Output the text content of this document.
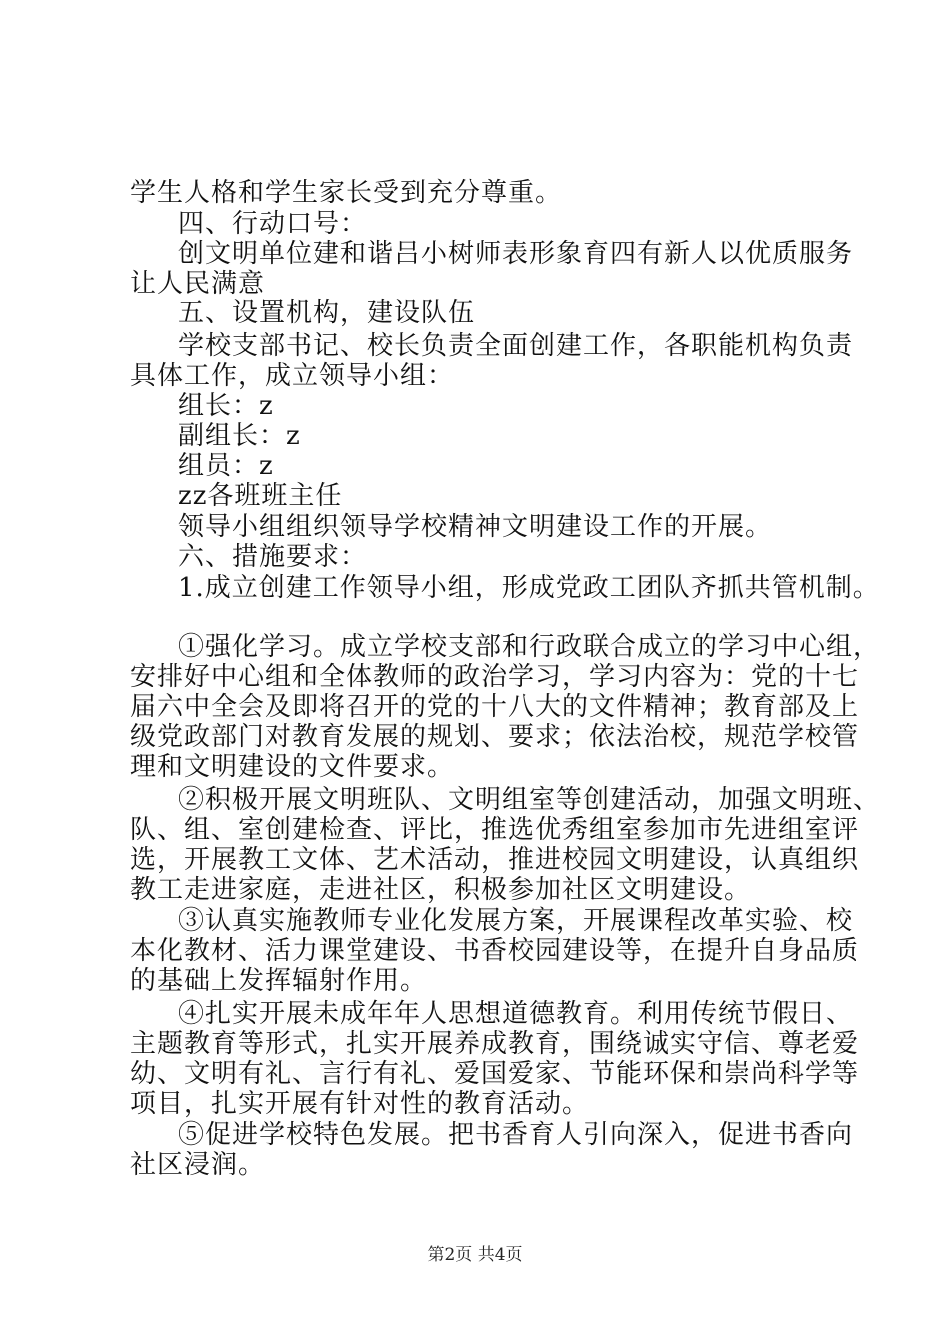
学生人格和学生家长受到充分尊重。
四、行动口号：
创文明单位建和谐吕小树师表形象育四有新人以优质服务
让人民满意
五、设置机构，建设队伍
学校支部书记、校长负责全面创建工作，各职能机构负责
具体工作，成立领导小组：
组长：z
副组长：z
组员：z
zz各班班主任
领导小组组织领导学校精神文明建设工作的开展。
六、措施要求：
1.成立创建工作领导小组，形成党政工团队齐抓共管机制。
①强化学习。成立学校支部和行政联合成立的学习中心组，
安排好中心组和全体教师的政治学习，学习内容为：党的十七
届六中全会及即将召开的党的十八大的文件精神；教育部及上
级党政部门对教育发展的规划、要求；依法治校，规范学校管
理和文明建设的文件要求。
②积极开展文明班队、文明组室等创建活动，加强文明班、
队、组、室创建检查、评比，推选优秀组室参加市先进组室评
选，开展教工文体、艺术活动，推进校园文明建设，认真组织
教工走进家庭，走进社区，积极参加社区文明建设。
③认真实施教师专业化发展方案，开展课程改革实验、校
本化教材、活力课堂建设、书香校园建设等，在提升自身品质
的基础上发挥辐射作用。
④扎实开展未成年年人思想道德教育。利用传统节假日、
主题教育等形式，扎实开展养成教育，围绕诚实守信、尊老爱
幼、文明有礼、言行有礼、爱国爱家、节能环保和崇尚科学等
项目，扎实开展有针对性的教育活动。
⑤促进学校特色发展。把书香育人引向深入，促进书香向
社区浸润。
第2页 共4页
